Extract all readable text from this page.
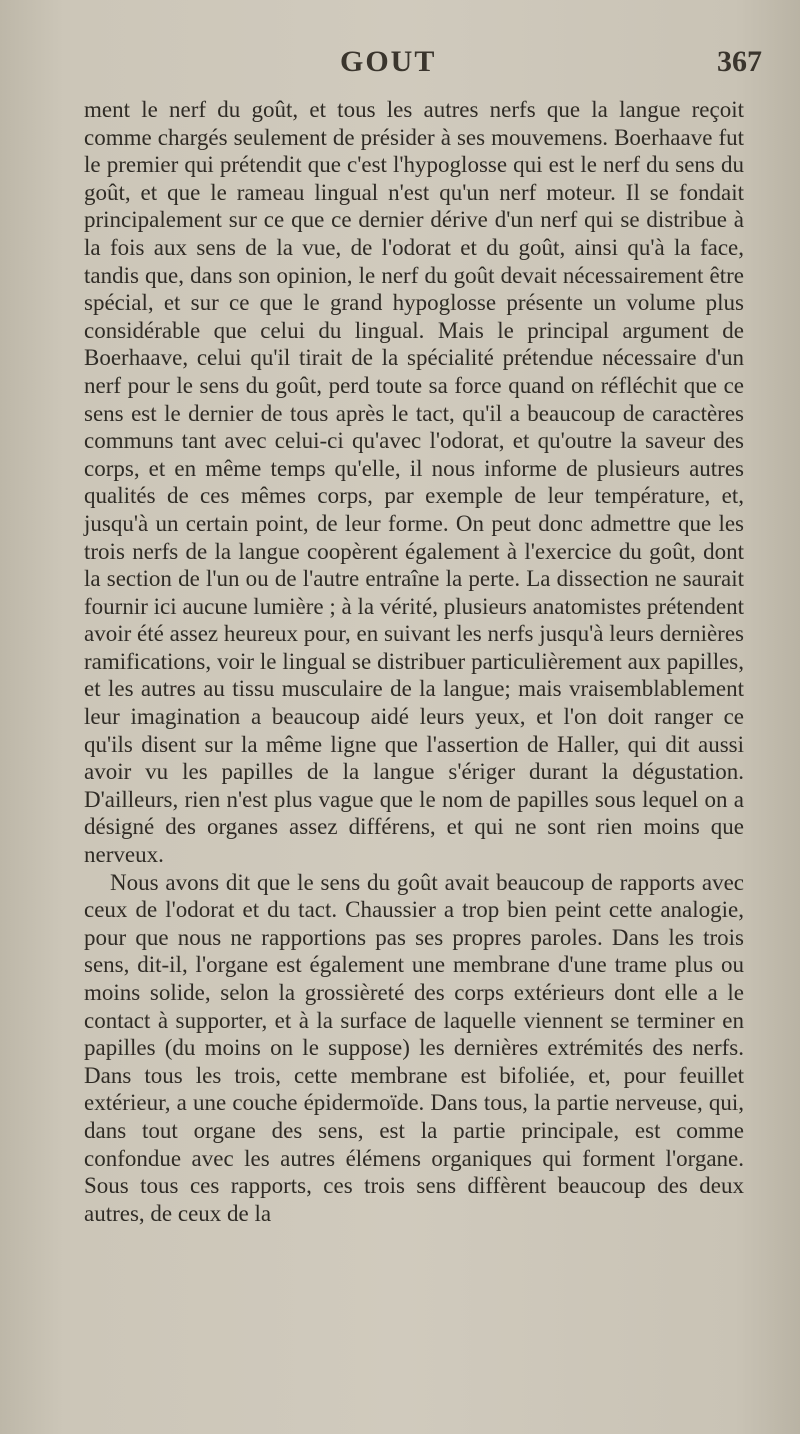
GOUT	367

ment le nerf du goût, et tous les autres nerfs que la langue reçoit comme chargés seulement de présider à ses mouvemens. Boerhaave fut le premier qui prétendit que c'est l'hypoglosse qui est le nerf du sens du goût, et que le rameau lingual n'est qu'un nerf moteur. Il se fondait principalement sur ce que ce dernier dérive d'un nerf qui se distribue à la fois aux sens de la vue, de l'odorat et du goût, ainsi qu'à la face, tandis que, dans son opinion, le nerf du goût devait nécessairement être spécial, et sur ce que le grand hypoglosse présente un volume plus considérable que celui du lingual. Mais le principal argument de Boerhaave, celui qu'il tirait de la spécialité prétendue nécessaire d'un nerf pour le sens du goût, perd toute sa force quand on réfléchit que ce sens est le dernier de tous après le tact, qu'il a beaucoup de caractères communs tant avec celui-ci qu'avec l'odorat, et qu'outre la saveur des corps, et en même temps qu'elle, il nous informe de plusieurs autres qualités de ces mêmes corps, par exemple de leur température, et, jusqu'à un certain point, de leur forme. On peut donc admettre que les trois nerfs de la langue coopèrent également à l'exercice du goût, dont la section de l'un ou de l'autre entraîne la perte. La dissection ne saurait fournir ici aucune lumière ; à la vérité, plusieurs anatomistes prétendent avoir été assez heureux pour, en suivant les nerfs jusqu'à leurs dernières ramifications, voir le lingual se distribuer particulièrement aux papilles, et les autres au tissu musculaire de la langue; mais vraisemblablement leur imagination a beaucoup aidé leurs yeux, et l'on doit ranger ce qu'ils disent sur la même ligne que l'assertion de Haller, qui dit aussi avoir vu les papilles de la langue s'ériger durant la dégustation. D'ailleurs, rien n'est plus vague que le nom de papilles sous lequel on a désigné des organes assez différens, et qui ne sont rien moins que nerveux.

Nous avons dit que le sens du goût avait beaucoup de rapports avec ceux de l'odorat et du tact. Chaussier a trop bien peint cette analogie, pour que nous ne rapportions pas ses propres paroles. Dans les trois sens, dit-il, l'organe est également une membrane d'une trame plus ou moins solide, selon la grossièreté des corps extérieurs dont elle a le contact à supporter, et à la surface de laquelle viennent se terminer en papilles (du moins on le suppose) les dernières extrémités des nerfs. Dans tous les trois, cette membrane est bifoliée, et, pour feuillet extérieur, a une couche épidermoïde. Dans tous, la partie nerveuse, qui, dans tout organe des sens, est la partie principale, est comme confondue avec les autres élémens organiques qui forment l'organe. Sous tous ces rapports, ces trois sens diffèrent beaucoup des deux autres, de ceux de la
